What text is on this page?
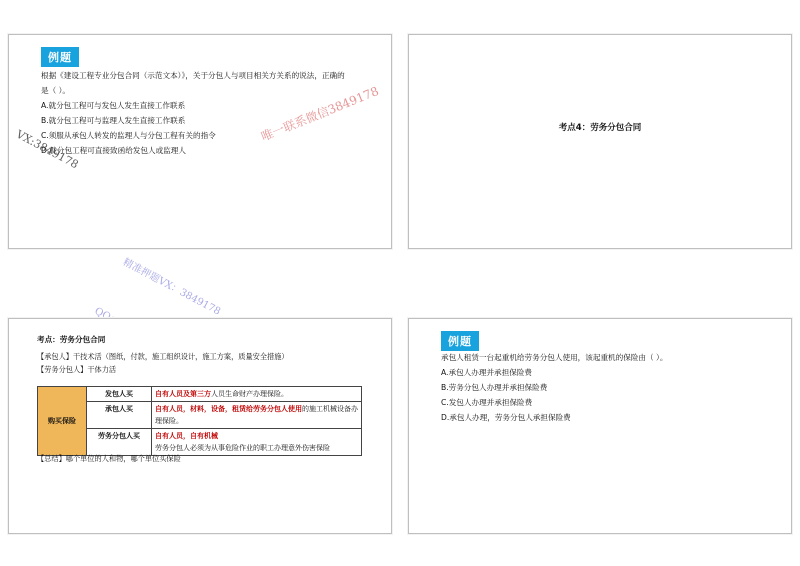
例题
根据《建设工程专业分包合同（示范文本）》，关于分包人与项目相关方关系的说法，正确的
是（ ）。
A.就分包工程可与发包人发生直接工作联系
B.就分包工程可与监理人发生直接工作联系
C.须服从承包人转发的监理人与分包工程有关的指令
D.就分包工程可直接致函给发包人或监理人
唯一联系微信3849178
VX:3849178	考点4：劳务分包合同
精准押题VX：3849178
考点：劳务分包合同
【承包人】干技术活（图纸，付款，施工组织设计，施工方案，质量安全措施）
【劳务分包人】干体力活
购买保险	发包人买	自有人员及第三方人员生命财产办理保险。
	承包人买	自有人员，材料，设备，租赁给劳务分包人使用的施工机械设备办理保险。
	劳务分包人买	自有人员，自有机械
劳务分包人必须为从事危险作业的职工办理意外伤害保险
【总结】哪个单位的人和物，哪个单位买保险
例题
承包人租赁一台起重机给劳务分包人使用，该起重机的保险由（ ）。
A.承包人办理并承担保险费
B.劳务分包人办理并承担保险费
C.发包人办理并承担保险费
D.承包人办理，劳务分包人承担保险费
